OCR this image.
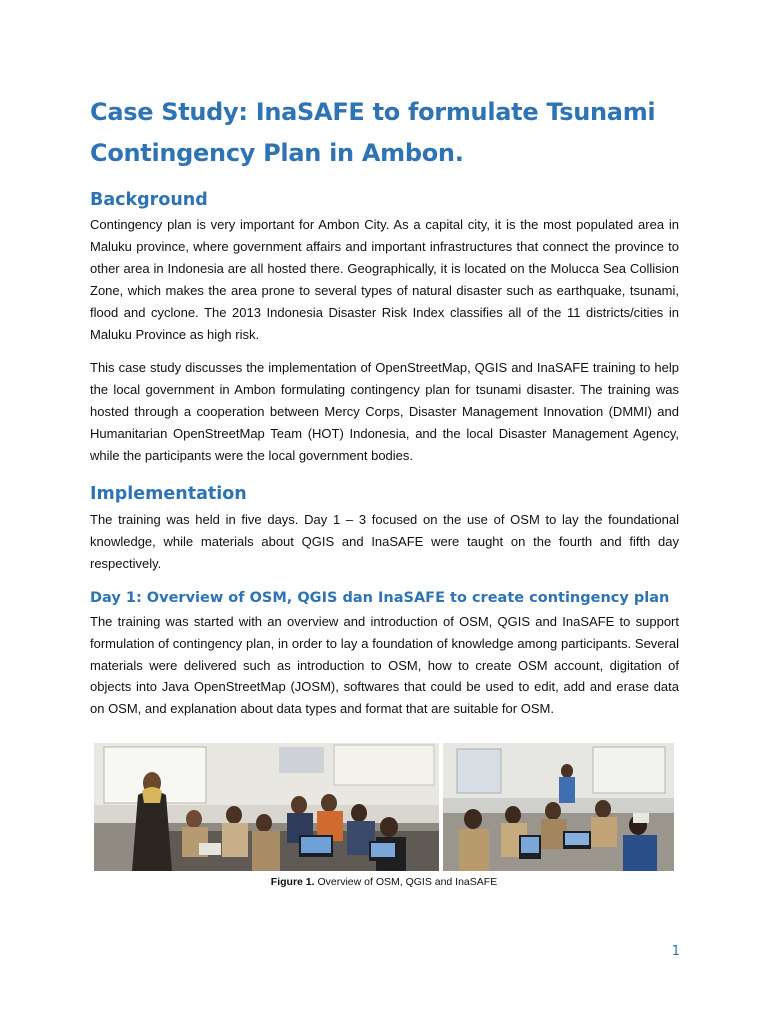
Case Study: InaSAFE to formulate Tsunami Contingency Plan in Ambon.
Background

Contingency plan is very important for Ambon City. As a capital city, it is the most populated area in Maluku province, where government affairs and important infrastructures that connect the province to other area in Indonesia are all hosted there. Geographically, it is located on the Molucca Sea Collision Zone, which makes the area prone to several types of natural disaster such as earthquake, tsunami, flood and cyclone. The 2013 Indonesia Disaster Risk Index classifies all of the 11 districts/cities in Maluku Province as high risk.

This case study discusses the implementation of OpenStreetMap, QGIS and InaSAFE training to help the local government in Ambon formulating contingency plan for tsunami disaster. The training was hosted through a cooperation between Mercy Corps, Disaster Management Innovation (DMMI) and Humanitarian OpenStreetMap Team (HOT) Indonesia, and the local Disaster Management Agency, while the participants were the local government bodies.

Implementation

The training was held in five days. Day 1 – 3 focused on the use of OSM to lay the foundational knowledge, while materials about QGIS and InaSAFE were taught on the fourth and fifth day respectively.

Day 1: Overview of OSM, QGIS dan InaSAFE to create contingency plan

The training was started with an overview and introduction of OSM, QGIS and InaSAFE to support formulation of contingency plan, in order to lay a foundation of knowledge among participants. Several materials were delivered such as introduction to OSM, how to create OSM account, digitation of objects into Java OpenStreetMap (JOSM), softwares that could be used to edit, add and erase data on OSM, and explanation about data types and format that are suitable for OSM.

Figure 1. Overview of OSM, QGIS and InaSAFE
1
